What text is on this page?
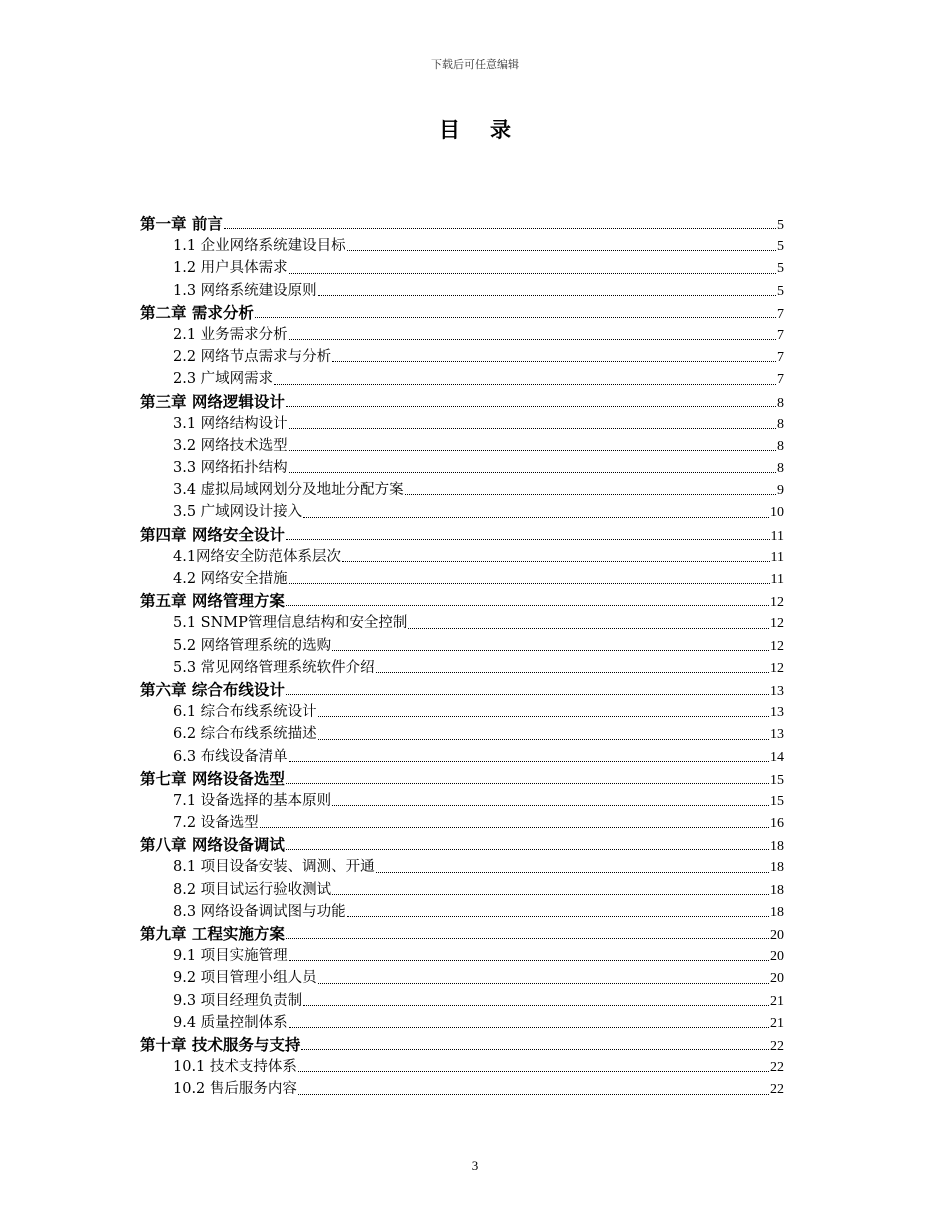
下载后可任意编辑
目录
第一章 前言	5
1.1 企业网络系统建设目标	5
1.2 用户具体需求	5
1.3 网络系统建设原则	5
第二章 需求分析	7
2.1 业务需求分析	7
2.2 网络节点需求与分析	7
2.3 广域网需求	7
第三章 网络逻辑设计	8
3.1 网络结构设计	8
3.2 网络技术选型	8
3.3 网络拓扑结构	8
3.4 虚拟局域网划分及地址分配方案	9
3.5 广域网设计接入	10
第四章 网络安全设计	11
4.1网络安全防范体系层次	11
4.2 网络安全措施	11
第五章 网络管理方案	12
5.1 SNMP管理信息结构和安全控制	12
5.2 网络管理系统的选购	12
5.3 常见网络管理系统软件介绍	12
第六章 综合布线设计	13
6.1 综合布线系统设计	13
6.2 综合布线系统描述	13
6.3 布线设备清单	14
第七章 网络设备选型	15
7.1 设备选择的基本原则	15
7.2 设备选型	16
第八章 网络设备调试	18
8.1 项目设备安装、调测、开通	18
8.2 项目试运行验收测试	18
8.3 网络设备调试图与功能	18
第九章 工程实施方案	20
9.1 项目实施管理	20
9.2 项目管理小组人员	20
9.3 项目经理负责制	21
9.4 质量控制体系	21
第十章 技术服务与支持	22
10.1 技术支持体系	22
10.2 售后服务内容	22
3
